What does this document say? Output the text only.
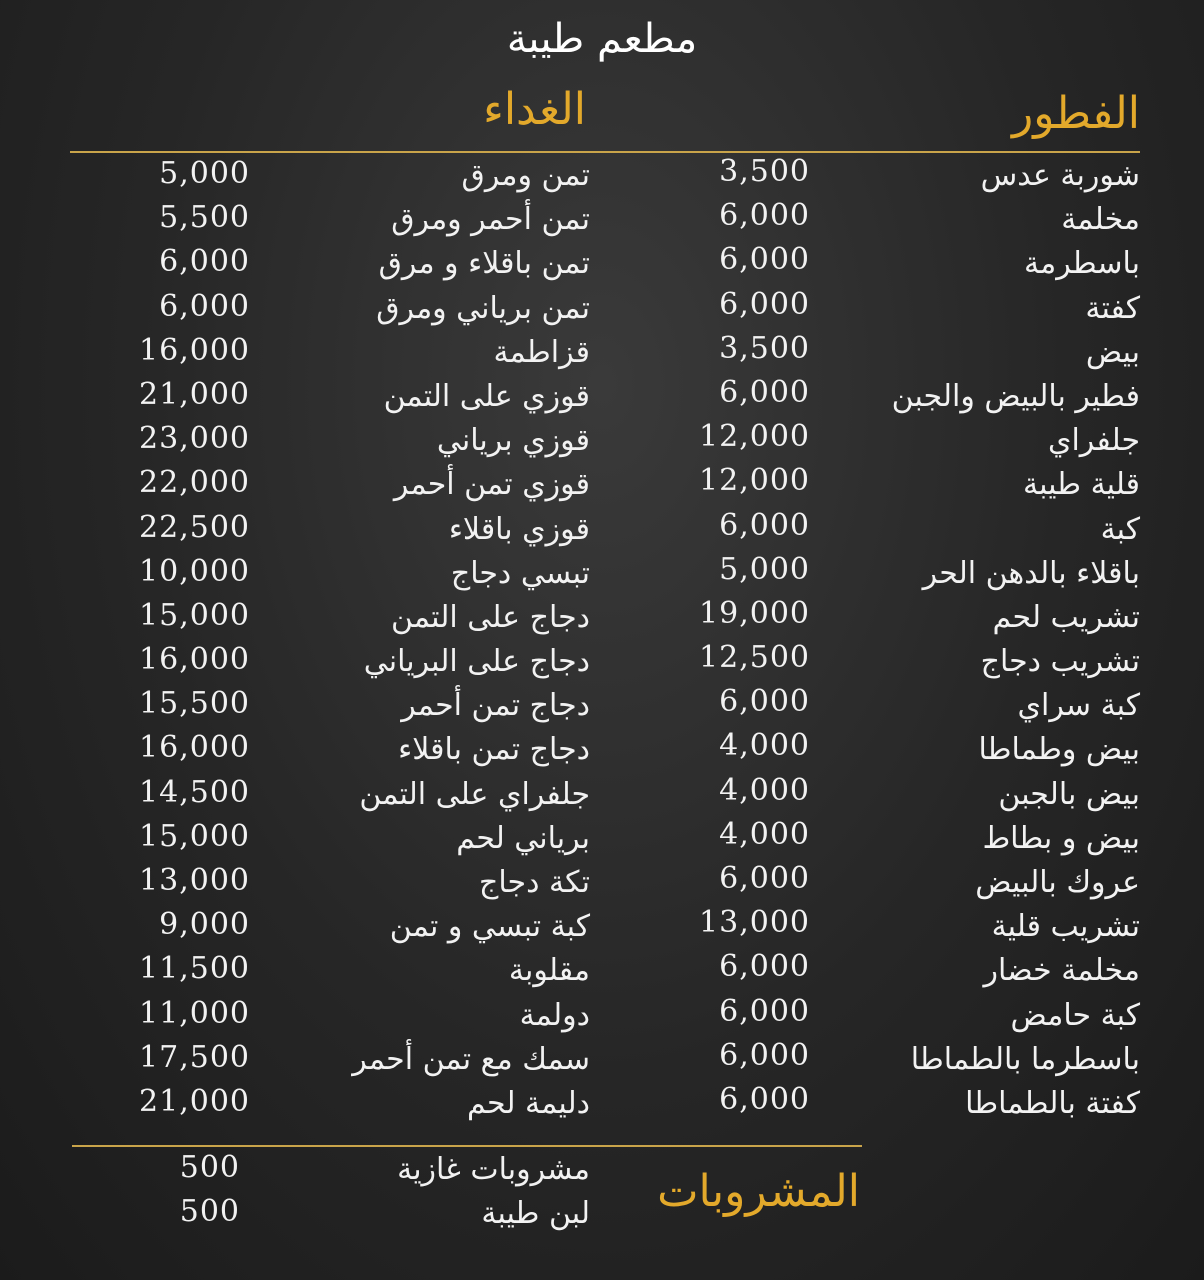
مطعم طيبة
الفطور
الغداء
شوربة عدس
مخلمة
باسطرمة
كفتة
بيض
فطير بالبيض والجبن
جلفراي
قلية طيبة
كبة
باقلاء بالدهن الحر
تشريب لحم
تشريب دجاج
كبة سراي
بيض وطماطا
بيض بالجبن
بيض و بطاط
عروك بالبيض
تشريب قلية
مخلمة خضار
كبة حامض
باسطرما بالطماطا
كفتة بالطماطا
3,500
6,000
6,000
6,000
3,500
6,000
12,000
12,000
6,000
5,000
19,000
12,500
6,000
4,000
4,000
4,000
6,000
13,000
6,000
6,000
6,000
6,000
تمن ومرق
تمن أحمر ومرق
تمن باقلاء و مرق
تمن برياني ومرق
قزاطمة
قوزي على التمن
قوزي برياني
قوزي تمن أحمر
قوزي باقلاء
تبسي دجاج
دجاج على التمن
دجاج على البرياني
دجاج تمن أحمر
دجاج تمن باقلاء
جلفراي على التمن
برياني لحم
تكة دجاج
كبة تبسي و تمن
مقلوبة
دولمة
سمك مع تمن أحمر
دليمة لحم
5,000
5,500
6,000
6,000
16,000
21,000
23,000
22,000
22,500
10,000
15,000
16,000
15,500
16,000
14,500
15,000
13,000
9,000
11,500
11,000
17,500
21,000
المشروبات
مشروبات غازية
لبن طيبة
500
500
